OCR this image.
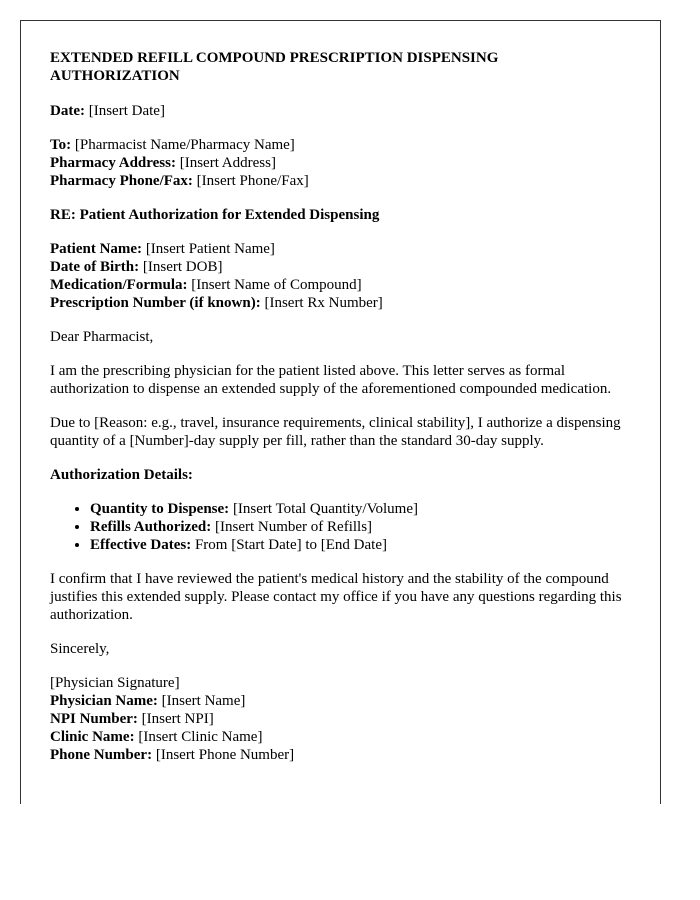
EXTENDED REFILL COMPOUND PRESCRIPTION DISPENSING AUTHORIZATION

Date: [Insert Date]

To: [Pharmacist Name/Pharmacy Name]
Pharmacy Address: [Insert Address]
Pharmacy Phone/Fax: [Insert Phone/Fax]

RE: Patient Authorization for Extended Dispensing

Patient Name: [Insert Patient Name]
Date of Birth: [Insert DOB]
Medication/Formula: [Insert Name of Compound]
Prescription Number (if known): [Insert Rx Number]

Dear Pharmacist,

I am the prescribing physician for the patient listed above. This letter serves as formal authorization to dispense an extended supply of the aforementioned compounded medication.

Due to [Reason: e.g., travel, insurance requirements, clinical stability], I authorize a dispensing quantity of a [Number]-day supply per fill, rather than the standard 30-day supply.

Authorization Details:

• Quantity to Dispense: [Insert Total Quantity/Volume]
• Refills Authorized: [Insert Number of Refills]
• Effective Dates: From [Start Date] to [End Date]

I confirm that I have reviewed the patient's medical history and the stability of the compound justifies this extended supply. Please contact my office if you have any questions regarding this authorization.

Sincerely,

[Physician Signature]
Physician Name: [Insert Name]
NPI Number: [Insert NPI]
Clinic Name: [Insert Clinic Name]
Phone Number: [Insert Phone Number]
